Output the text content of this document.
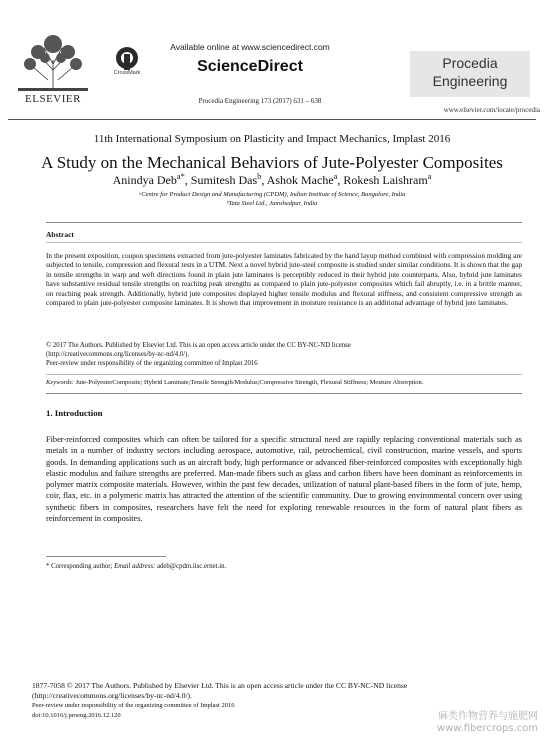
ELSEVIER
Available online at www.sciencedirect.com
CrossMark	ScienceDirect
Procedia Engineering 173 (2017) 631 – 638
Procedia
Engineering
www.elsevier.com/locate/procedia
11th International Symposium on Plasticity and Impact Mechanics, Implast 2016
A Study on the Mechanical Behaviors of Jute-Polyester Composites
Anindya Deb$^{a*}$, Sumitesh Das$^b$, Ashok Mache$^a$, Rokesh Laishram$^a$
ᵃCentre for Product Design and Manufacturing (CPDM), Indian Institute of Science, Bangalore, India
ᵇTata Steel Ltd., Jamshedpur, India
Abstract
In the present exposition, coupon specimens extracted from jute-polyester laminates fabricated by the hand layup method combined with compression molding are subjected to tensile, compression and flexural tests in a UTM. Next a novel hybrid jute-steel composite is studied under similar conditions. It is shown that the gap in tensile strengths in warp and weft directions found in plain jute laminates is perceptibly reduced in their hybrid jute counterparts. Also, hybrid jute laminates have substantive residual tensile strengths on reaching peak strengths as compared to plain jute-polyester composites which fail abruptly, i.e. in a brittle manner, on reaching peak strength. Additionally, hybrid jute composites displayed higher tensile modulus and flexural stiffness, and consistent compressive strength as compared to plain jute-polyester composite laminates. It is shown that improvement in moisture resistance is an additional advantage of hybrid jute laminates.
© 2017 The Authors. Published by Elsevier Ltd. This is an open access article under the CC BY-NC-ND license
(http://creativecommons.org/licenses/by-nc-nd/4.0/).
Peer-review under responsibility of the organizing committee of Implast 2016
Keywords: Jute-PolyesterComposite; Hybrid Laminate;Tensile Strength/Modulus;Compressive Strength, Flexural Stiffness; Mosture Absorption.
1. Introduction
Fiber-reinforced composites which can often be tailored for a specific structural need are rapidly replacing conventional materials such as metals in a number of industry sectors including aerospace, automotive, rail, petrochemical, civil construction, marine vessels, and sports goods. In demanding applications such as an aircraft body, high performance or advanced fiber-reinforced composites with exceptionally high elastic modulus and failure strengths are preferred. Man-made fibers such as glass and carbon fibers have been dominant as reinforcements in polymer matrix composite materials. However, within the past few decades, utilization of natural plant-based fibers in the form of jute, hemp, coir, flax, etc. in a polymeric matrix has attracted the attention of the scientific community. Due to growing environmental concern over using synthetic fibers in composites, researchers have felt the need for exploring renewable resources in the form of natural plant fibers as reinforcement in composites.
* Corresponding author; Email address: adeb@cpdm.iisc.ernet.in.
1877-7058 © 2017 The Authors. Published by Elsevier Ltd. This is an open access article under the CC BY-NC-ND license
(http://creativecommons.org/licenses/by-nc-nd/4.0/).
Peer-review under responsibility of the organizing committee of Implast 2016
doi:10.1016/j.proeng.2016.12.120	麻类作物营养与施肥网
www.fibercrops.com
